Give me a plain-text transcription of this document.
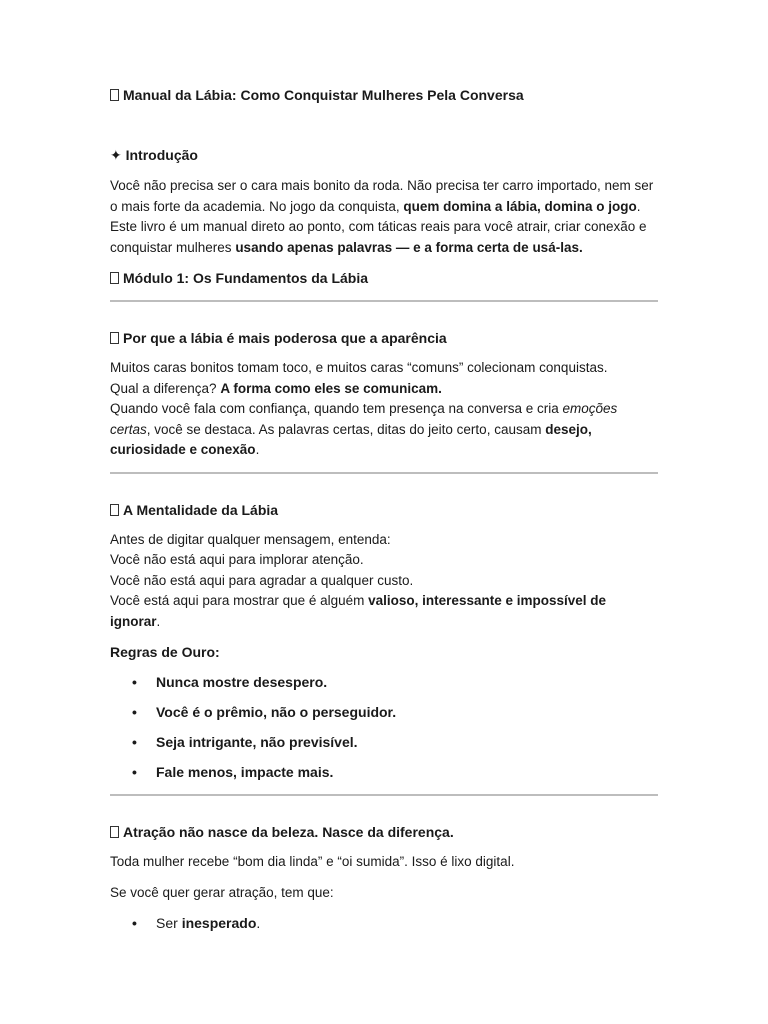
Manual da Lábia: Como Conquistar Mulheres Pela Conversa

✦ Introdução

Você não precisa ser o cara mais bonito da roda. Não precisa ter carro importado, nem ser o mais forte da academia. No jogo da conquista, quem domina a lábia, domina o jogo. Este livro é um manual direto ao ponto, com táticas reais para você atrair, criar conexão e conquistar mulheres usando apenas palavras — e a forma certa de usá-las.

Módulo 1: Os Fundamentos da Lábia

Por que a lábia é mais poderosa que a aparência

Muitos caras bonitos tomam toco, e muitos caras “comuns” colecionam conquistas.
Qual a diferença? A forma como eles se comunicam.
Quando você fala com confiança, quando tem presença na conversa e cria emoções certas, você se destaca. As palavras certas, ditas do jeito certo, causam desejo, curiosidade e conexão.

A Mentalidade da Lábia

Antes de digitar qualquer mensagem, entenda:
Você não está aqui para implorar atenção.
Você não está aqui para agradar a qualquer custo.
Você está aqui para mostrar que é alguém valioso, interessante e impossível de ignorar.

Regras de Ouro:

• Nunca mostre desespero.
• Você é o prêmio, não o perseguidor.
• Seja intrigante, não previsível.
• Fale menos, impacte mais.

Atração não nasce da beleza. Nasce da diferença.

Toda mulher recebe “bom dia linda” e “oi sumida”. Isso é lixo digital.

Se você quer gerar atração, tem que:

• Ser inesperado.
